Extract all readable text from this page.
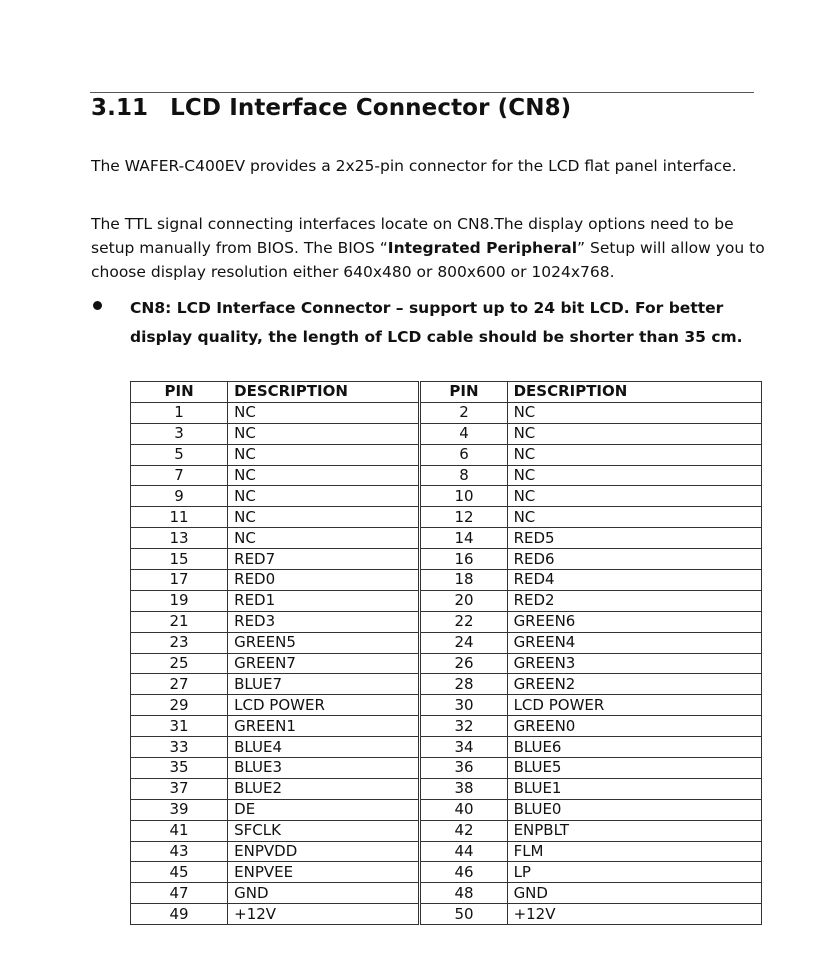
3.11 LCD Interface Connector (CN8)

The WAFER-C400EV provides a 2x25-pin connector for the LCD flat panel interface.

The TTL signal connecting interfaces locate on CN8.The display options need to be setup manually from BIOS. The BIOS “Integrated Peripheral” Setup will allow you to choose display resolution either 640x480 or 800x600 or 1024x768.

CN8: LCD Interface Connector – support up to 24 bit LCD. For better display quality, the length of LCD cable should be shorter than 35 cm.

PIN	DESCRIPTION	PIN	DESCRIPTION
1	NC	2	NC
3	NC	4	NC
5	NC	6	NC
7	NC	8	NC
9	NC	10	NC
11	NC	12	NC
13	NC	14	RED5
15	RED7	16	RED6
17	RED0	18	RED4
19	RED1	20	RED2
21	RED3	22	GREEN6
23	GREEN5	24	GREEN4
25	GREEN7	26	GREEN3
27	BLUE7	28	GREEN2
29	LCD POWER	30	LCD POWER
31	GREEN1	32	GREEN0
33	BLUE4	34	BLUE6
35	BLUE3	36	BLUE5
37	BLUE2	38	BLUE1
39	DE	40	BLUE0
41	SFCLK	42	ENPBLT
43	ENPVDD	44	FLM
45	ENPVEE	46	LP
47	GND	48	GND
49	+12V	50	+12V
